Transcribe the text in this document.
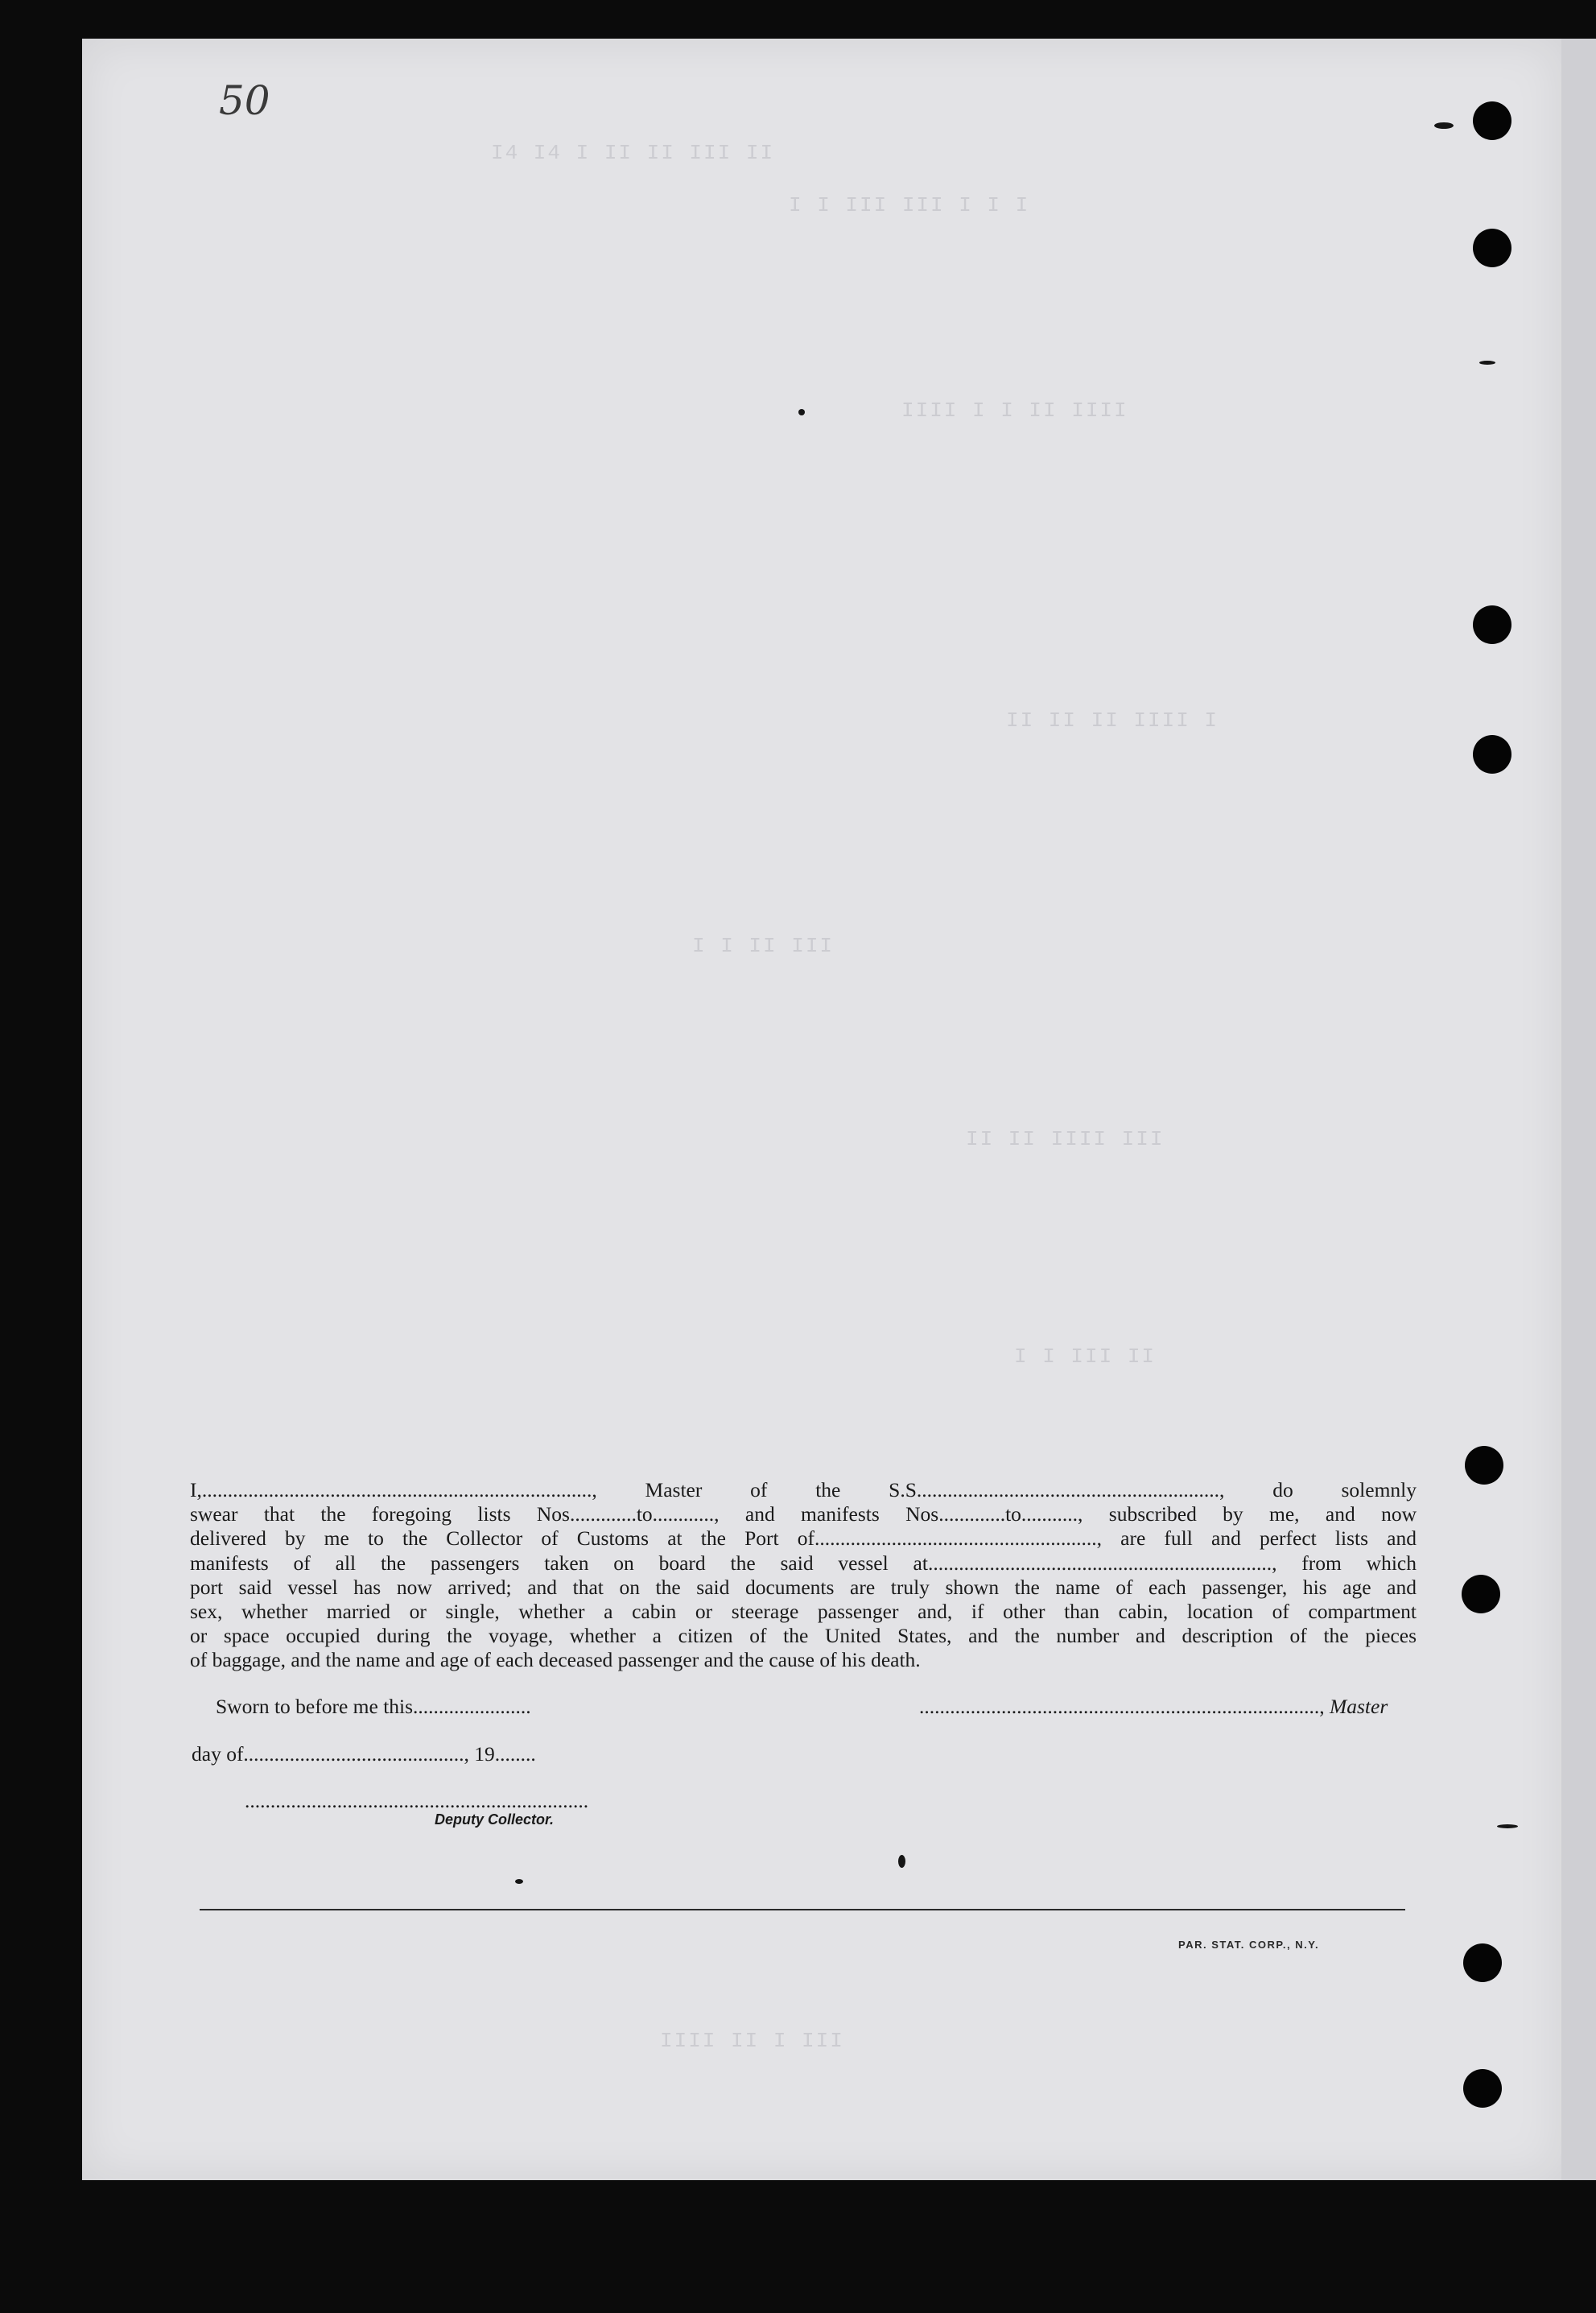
I4 I4 I II II III II
I I III III I I I
IIII I I II IIII
II II II IIII I
I I II III
II II IIII III
I I III II
IIII II I III
50

I,............................................................................, Master of the S.S..........................................................., do solemnly

swear that the foregoing lists Nos.............to............, and manifests Nos.............to..........., subscribed by me, and now

delivered by me to the Collector of Customs at the Port of......................................................., are full and perfect lists and

manifests of all the passengers taken on board the said vessel at..................................................................., from which

port said vessel has now arrived; and that on the said documents are truly shown the name of each passenger, his age and

sex, whether married or single, whether a cabin or steerage passenger and, if other than cabin, location of compartment

or space occupied during the voyage, whether a citizen of the United States, and the number and description of the pieces

of baggage, and the name and age of each deceased passenger and the cause of his death.

Sworn to before me this.......................	.............................................................................., Master
day of..........................................., 19........
...................................................................
Deputy Collector.
PAR. STAT. CORP., N.Y.
